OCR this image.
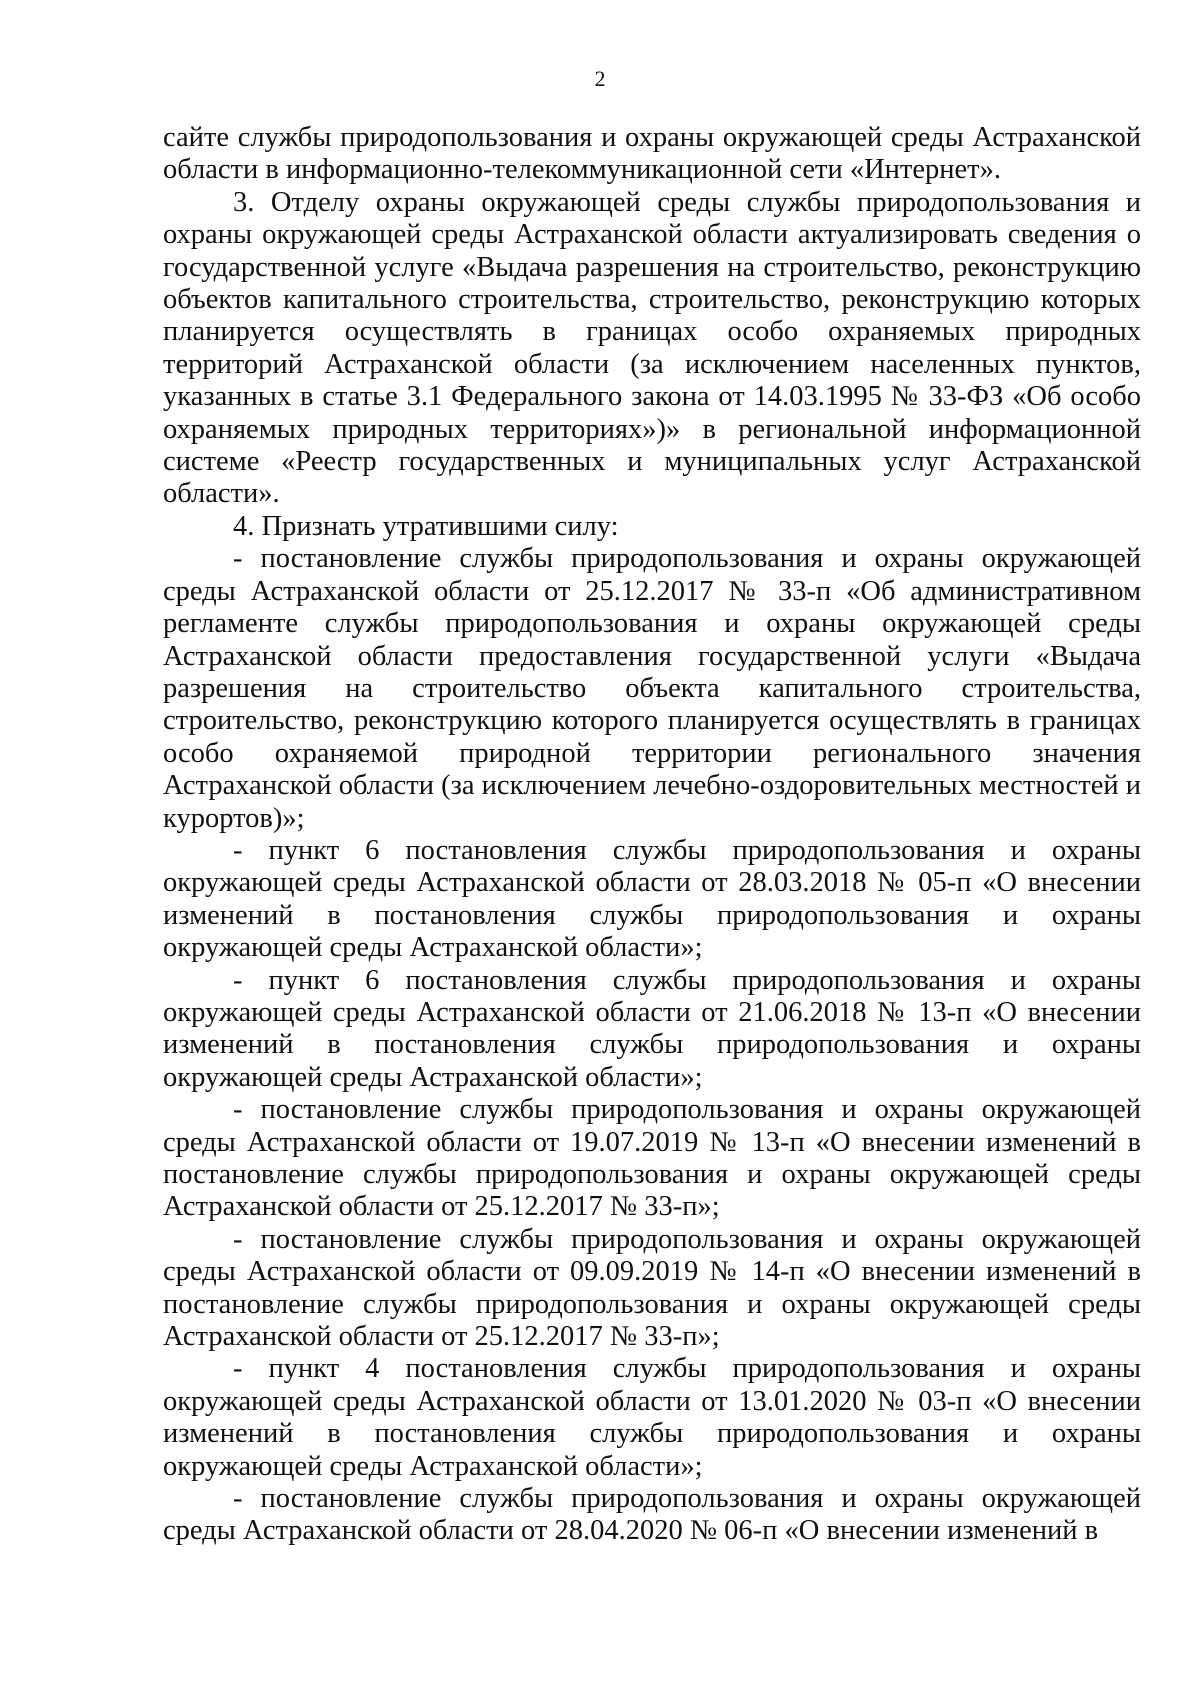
2

сайте службы природопользования и охраны окружающей среды Астраханской области в информационно-телекоммуникационной сети «Интернет».

3. Отделу охраны окружающей среды службы природопользования и охраны окружающей среды Астраханской области актуализировать сведения о государственной услуге «Выдача разрешения на строительство, реконструкцию объектов капитального строительства, строительство, реконструкцию которых планируется осуществлять в границах особо охраняемых природных территорий Астраханской области (за исключением населенных пунктов, указанных в статье 3.1 Федерального закона от 14.03.1995 № 33-ФЗ «Об особо охраняемых природных территориях»)» в региональной информационной системе «Реестр государственных и муниципальных услуг Астраханской области».

4. Признать утратившими силу:

- постановление службы природопользования и охраны окружающей среды Астраханской области от 25.12.2017 № 33-п «Об административном регламенте службы природопользования и охраны окружающей среды Астраханской области предоставления государственной услуги «Выдача разрешения на строительство объекта капитального строительства, строительство, реконструкцию которого планируется осуществлять в границах особо охраняемой природной территории регионального значения Астраханской области (за исключением лечебно-оздоровительных местностей и курортов)»;

- пункт 6 постановления службы природопользования и охраны окружающей среды Астраханской области от 28.03.2018 № 05-п «О внесении изменений в постановления службы природопользования и охраны окружающей среды Астраханской области»;

- пункт 6 постановления службы природопользования и охраны окружающей среды Астраханской области от 21.06.2018 № 13-п «О внесении изменений в постановления службы природопользования и охраны окружающей среды Астраханской области»;

- постановление службы природопользования и охраны окружающей среды Астраханской области от 19.07.2019 № 13-п «О внесении изменений в постановление службы природопользования и охраны окружающей среды Астраханской области от 25.12.2017 № 33-п»;

- постановление службы природопользования и охраны окружающей среды Астраханской области от 09.09.2019 № 14-п «О внесении изменений в постановление службы природопользования и охраны окружающей среды Астраханской области от 25.12.2017 № 33-п»;

- пункт 4 постановления службы природопользования и охраны окружающей среды Астраханской области от 13.01.2020 № 03-п «О внесении изменений в постановления службы природопользования и охраны окружающей среды Астраханской области»;

- постановление службы природопользования и охраны окружающей среды Астраханской области от 28.04.2020 № 06-п «О внесении изменений в
